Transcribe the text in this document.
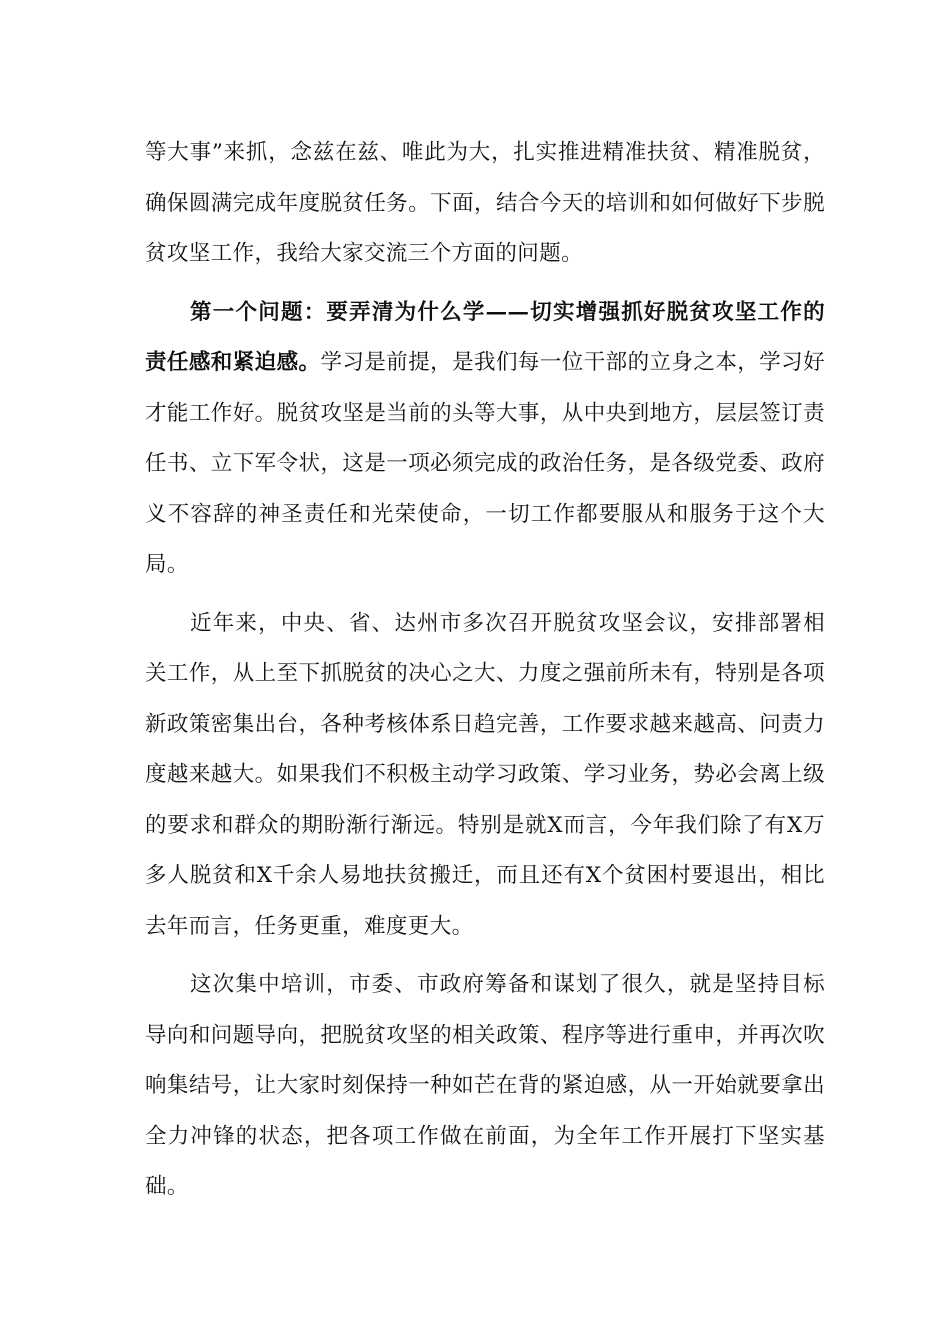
等大事”来抓，念兹在兹、唯此为大，扎实推进精准扶贫、精准脱贫，确保圆满完成年度脱贫任务。下面，结合今天的培训和如何做好下步脱贫攻坚工作，我给大家交流三个方面的问题。

第一个问题：要弄清为什么学——切实增强抓好脱贫攻坚工作的责任感和紧迫感。学习是前提，是我们每一位干部的立身之本，学习好才能工作好。脱贫攻坚是当前的头等大事，从中央到地方，层层签订责任书、立下军令状，这是一项必须完成的政治任务，是各级党委、政府义不容辞的神圣责任和光荣使命，一切工作都要服从和服务于这个大局。

近年来，中央、省、达州市多次召开脱贫攻坚会议，安排部署相关工作，从上至下抓脱贫的决心之大、力度之强前所未有，特别是各项新政策密集出台，各种考核体系日趋完善，工作要求越来越高、问责力度越来越大。如果我们不积极主动学习政策、学习业务，势必会离上级的要求和群众的期盼渐行渐远。特别是就X而言，今年我们除了有X万多人脱贫和X千余人易地扶贫搬迁，而且还有X个贫困村要退出，相比去年而言，任务更重，难度更大。

这次集中培训，市委、市政府筹备和谋划了很久，就是坚持目标导向和问题导向，把脱贫攻坚的相关政策、程序等进行重申，并再次吹响集结号，让大家时刻保持一种如芒在背的紧迫感，从一开始就要拿出全力冲锋的状态，把各项工作做在前面，为全年工作开展打下坚实基础。
